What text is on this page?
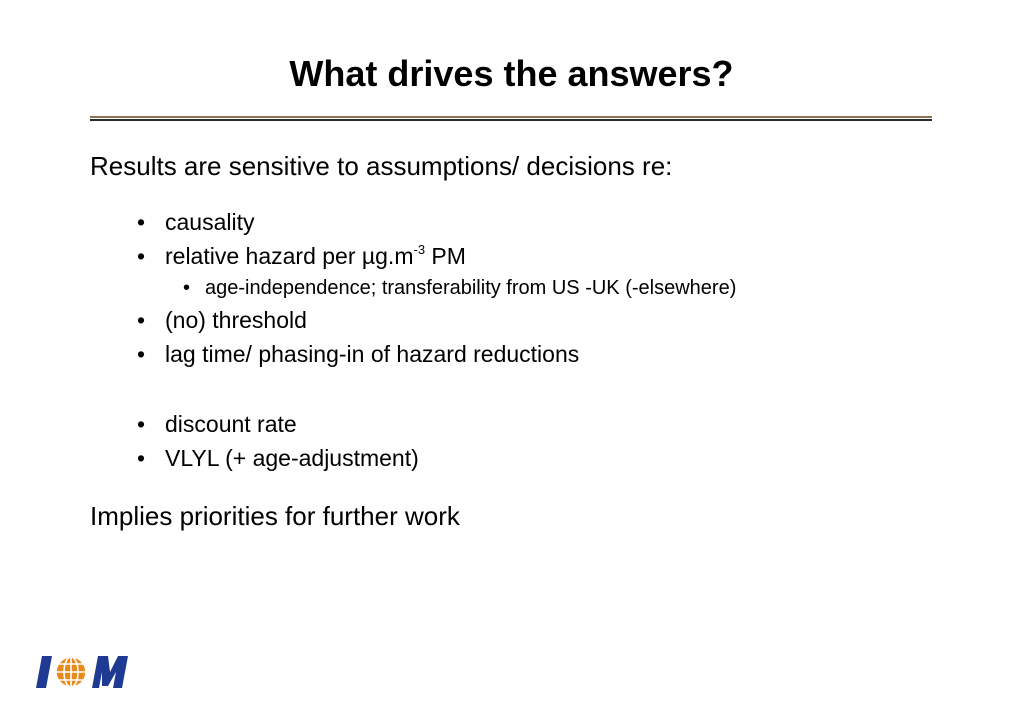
What drives the answers?
Results are sensitive to assumptions/ decisions re:
• causality
• relative hazard per $\mu g.m^{-3}$ PM
• age-independence; transferability from US -UK (-elsewhere)
• (no) threshold
• lag time/ phasing-in of hazard reductions
• discount rate
• VLYL (+ age-adjustment)
Implies priorities for further work
